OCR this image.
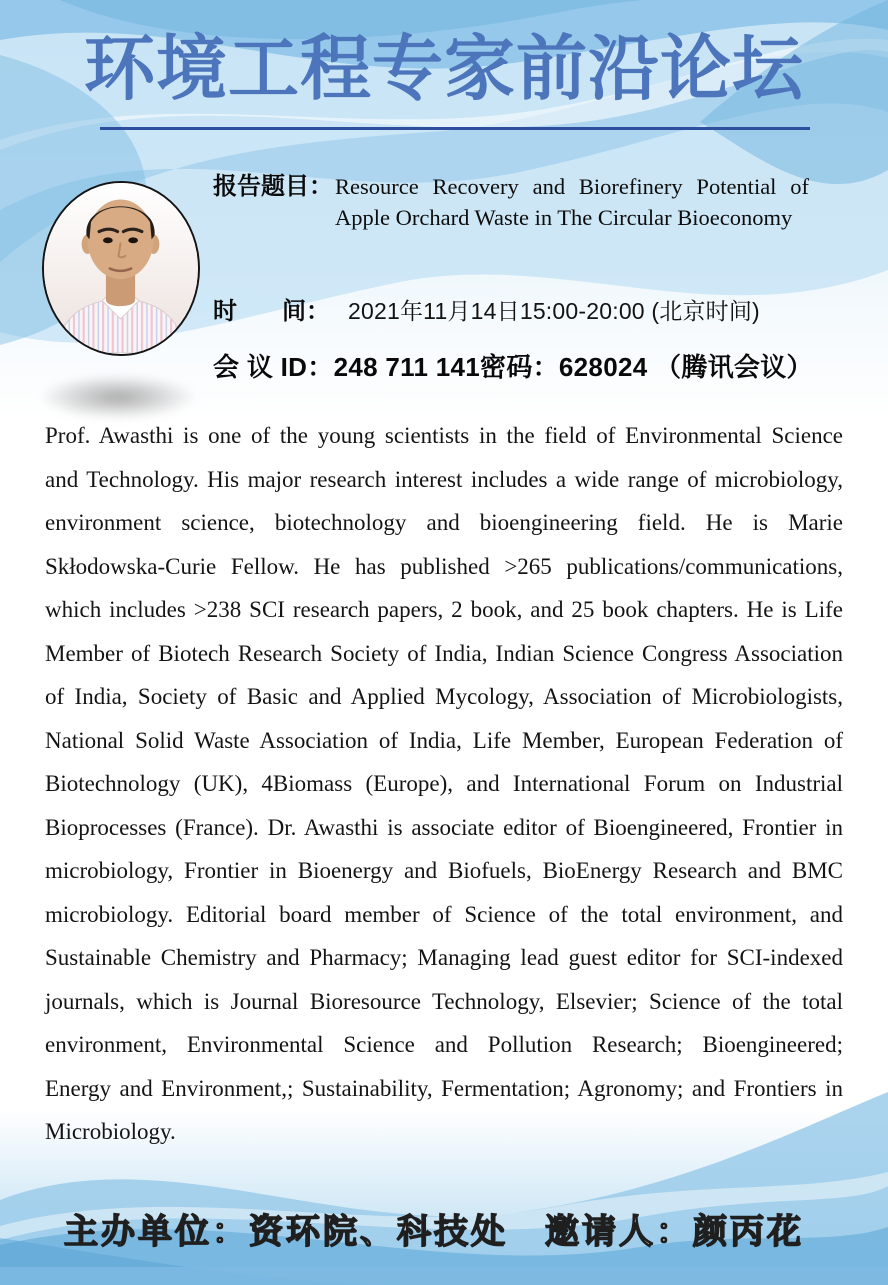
环境工程专家前沿论坛
报告题目： Resource Recovery and Biorefinery Potential of Apple Orchard Waste in The Circular Bioeconomy
时 间： 2021年11月14日15:00-20:00 (北京时间)
会 议 ID：248 711 141密码：628024 （腾讯会议）

Prof. Awasthi is one of the young scientists in the field of Environmental Science and Technology. His major research interest includes a wide range of microbiology, environment science, biotechnology and bioengineering field. He is Marie Skłodowska-Curie Fellow. He has published >265 publications/communications, which includes >238 SCI research papers, 2 book, and 25 book chapters. He is Life Member of Biotech Research Society of India, Indian Science Congress Association of India, Society of Basic and Applied Mycology, Association of Microbiologists, National Solid Waste Association of India, Life Member, European Federation of Biotechnology (UK), 4Biomass (Europe), and International Forum on Industrial Bioprocesses (France). Dr. Awasthi is associate editor of Bioengineered, Frontier in microbiology, Frontier in Bioenergy and Biofuels, BioEnergy Research and BMC microbiology. Editorial board member of Science of the total environment, and Sustainable Chemistry and Pharmacy; Managing lead guest editor for SCI-indexed journals, which is Journal Bioresource Technology, Elsevier; Science of the total environment, Environmental Science and Pollution Research; Bioengineered; Energy and Environment,; Sustainability, Fermentation; Agronomy; and Frontiers in Microbiology.

主办单位：资环院、科技处　邀请人：颜丙花
